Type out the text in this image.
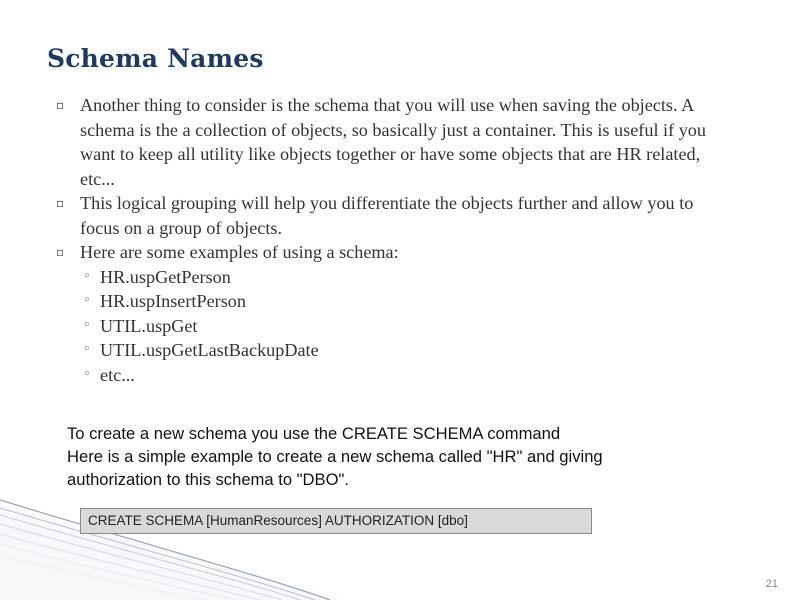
Schema Names
▫ Another thing to consider is the schema that you will use when saving the objects. A schema is the a collection of objects, so basically just a container. This is useful if you want to keep all utility like objects together or have some objects that are HR related, etc...
▫ This logical grouping will help you differentiate the objects further and allow you to focus on a group of objects.
▫ Here are some examples of using a schema:
◦ HR.uspGetPerson
◦ HR.uspInsertPerson
◦ UTIL.uspGet
◦ UTIL.uspGetLastBackupDate
◦ etc...
To create a new schema you use the CREATE SCHEMA command
Here is a simple example to create a new schema called "HR" and giving
authorization to this schema to "DBO".
CREATE SCHEMA [HumanResources] AUTHORIZATION [dbo]
21
